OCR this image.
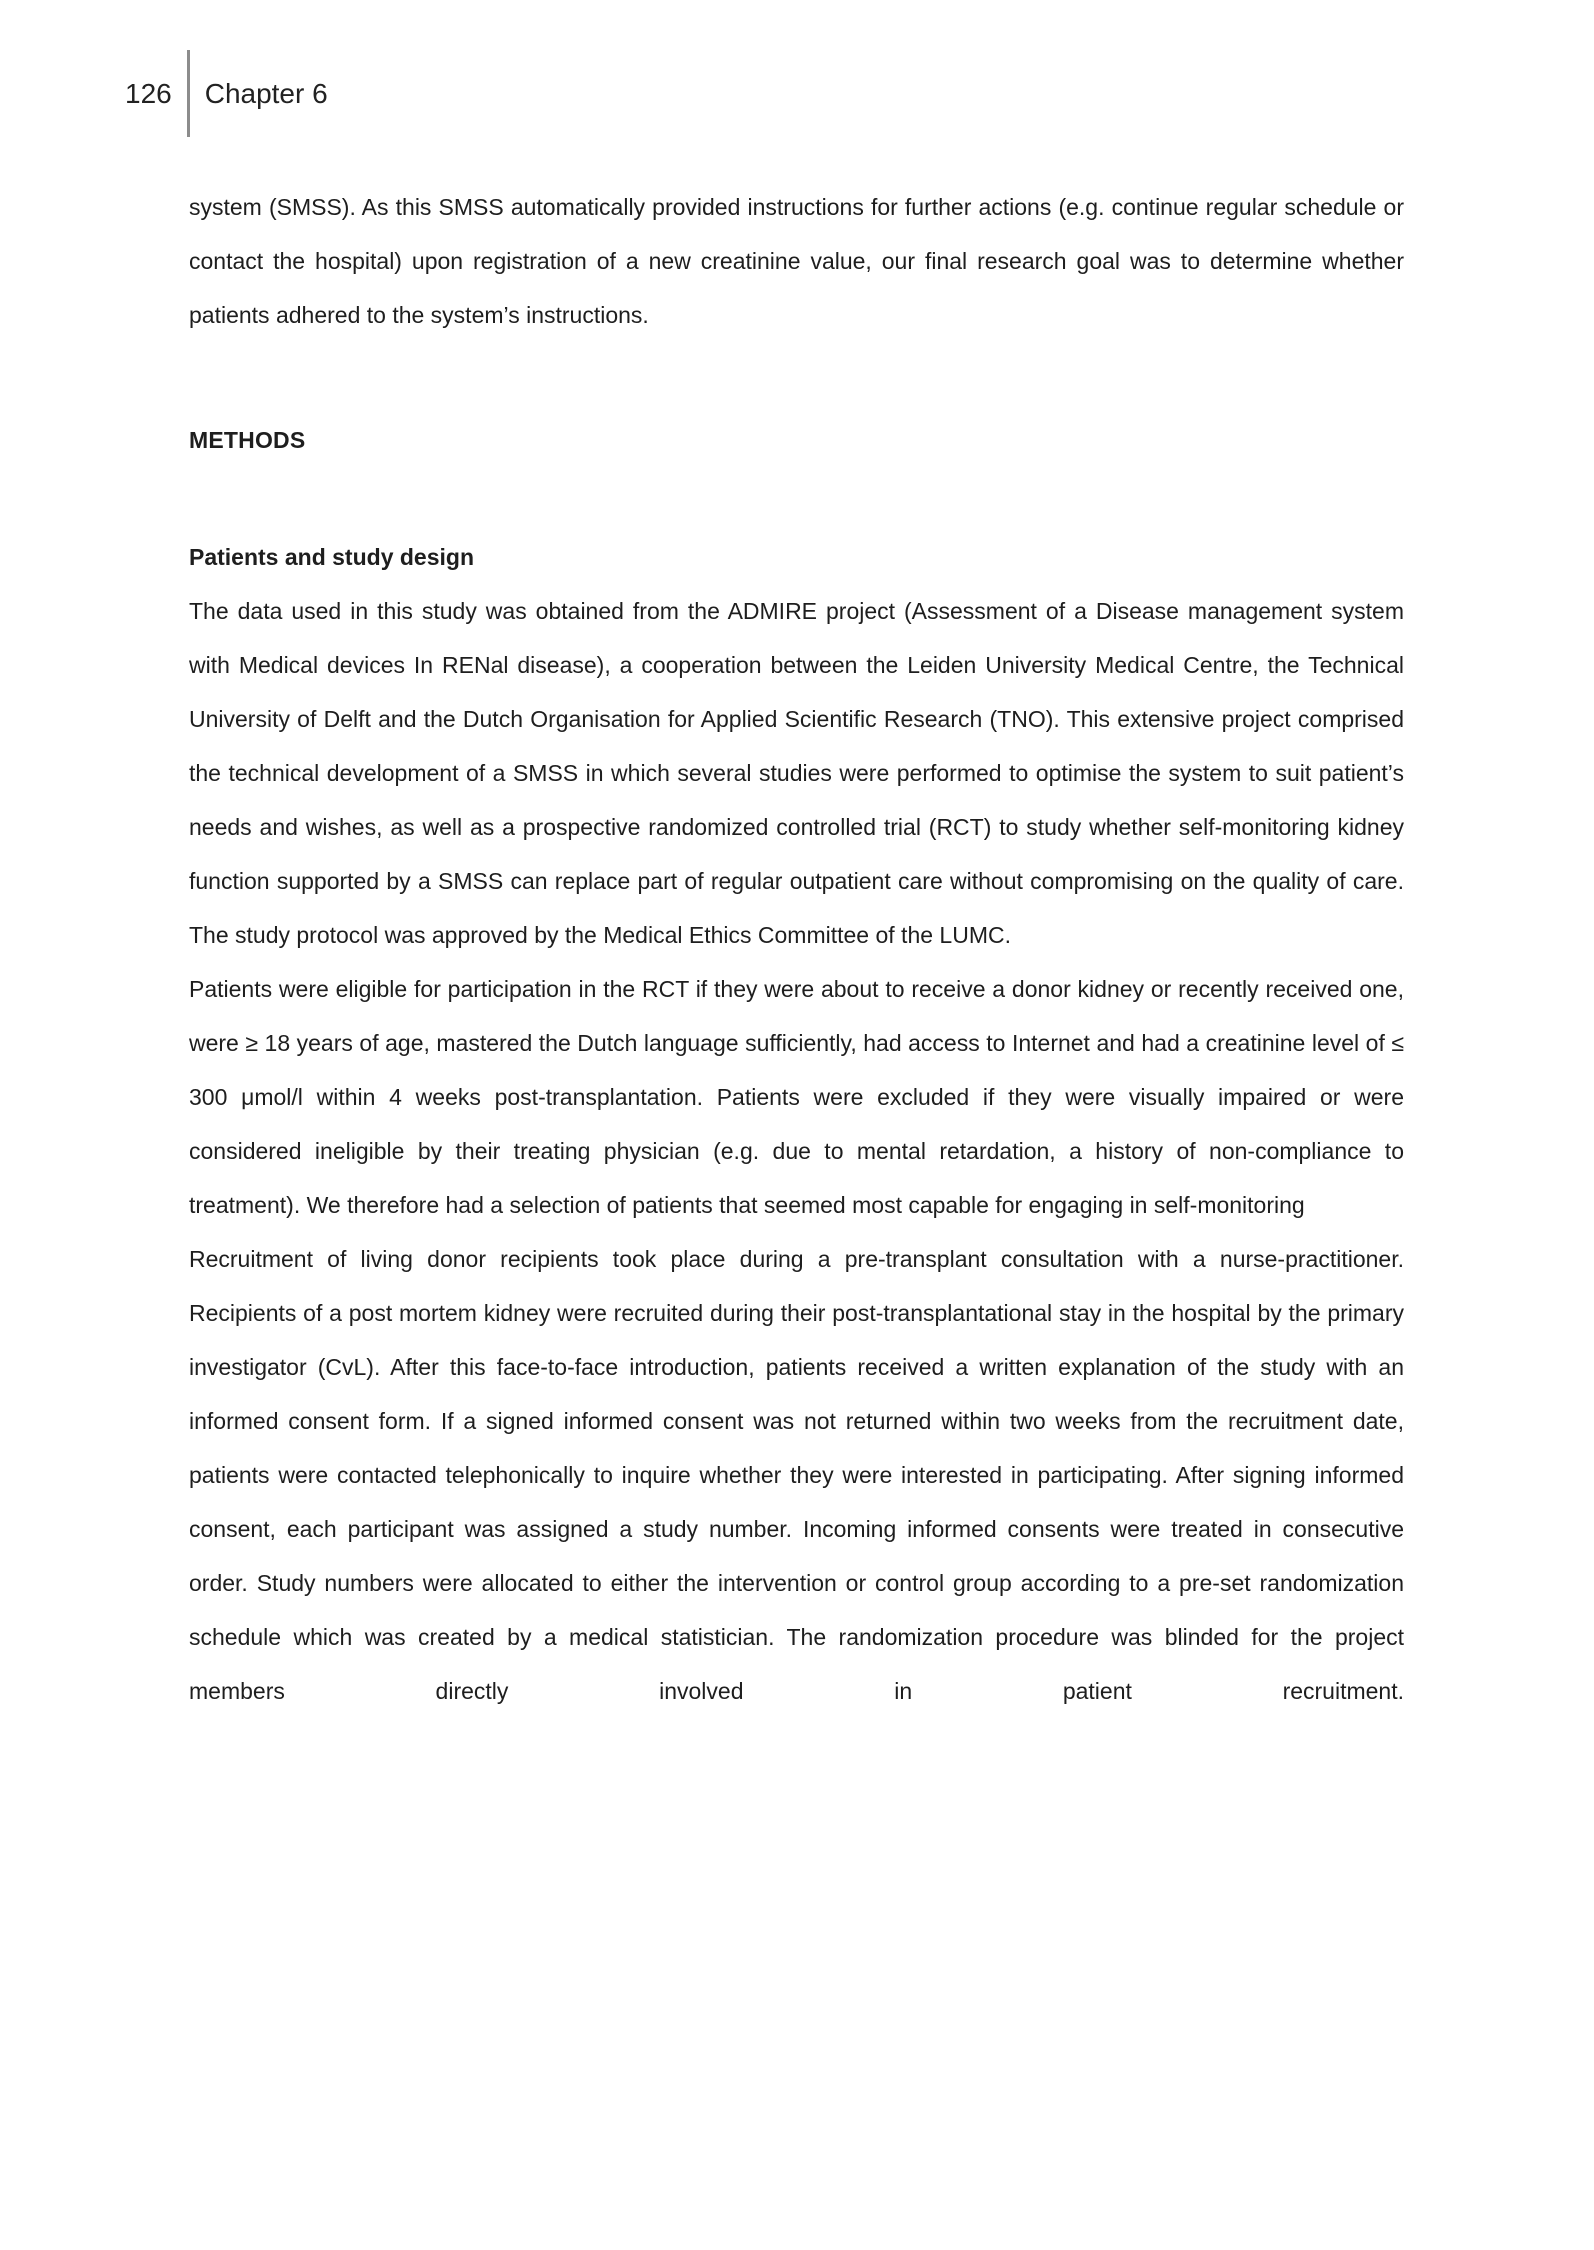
126 Chapter 6

system (SMSS). As this SMSS automatically provided instructions for further actions (e.g. continue regular schedule or contact the hospital) upon registration of a new creatinine value, our final research goal was to determine whether patients adhered to the system’s instructions.

METHODS
Patients and study design

The data used in this study was obtained from the ADMIRE project (Assessment of a Disease management system with Medical devices In RENal disease), a cooperation between the Leiden University Medical Centre, the Technical University of Delft and the Dutch Organisation for Applied Scientific Research (TNO). This extensive project comprised the technical development of a SMSS in which several studies were performed to optimise the system to suit patient’s needs and wishes, as well as a prospective randomized controlled trial (RCT) to study whether self-monitoring kidney function supported by a SMSS can replace part of regular outpatient care without compromising on the quality of care. The study protocol was approved by the Medical Ethics Committee of the LUMC.

Patients were eligible for participation in the RCT if they were about to receive a donor kidney or recently received one, were ≥ 18 years of age, mastered the Dutch language sufficiently, had access to Internet and had a creatinine level of ≤ 300 μmol/l within 4 weeks post-transplantation. Patients were excluded if they were visually impaired or were considered ineligible by their treating physician (e.g. due to mental retardation, a history of non-compliance to treatment). We therefore had a selection of patients that seemed most capable for engaging in self-monitoring

Recruitment of living donor recipients took place during a pre-transplant consultation with a nurse-practitioner. Recipients of a post mortem kidney were recruited during their post-transplantational stay in the hospital by the primary investigator (CvL). After this face-to-face introduction, patients received a written explanation of the study with an informed consent form. If a signed informed consent was not returned within two weeks from the recruitment date, patients were contacted telephonically to inquire whether they were interested in participating. After signing informed consent, each participant was assigned a study number. Incoming informed consents were treated in consecutive order. Study numbers were allocated to either the intervention or control group according to a pre-set randomization schedule which was created by a medical statistician. The randomization procedure was blinded for the project members directly involved in patient recruitment.
